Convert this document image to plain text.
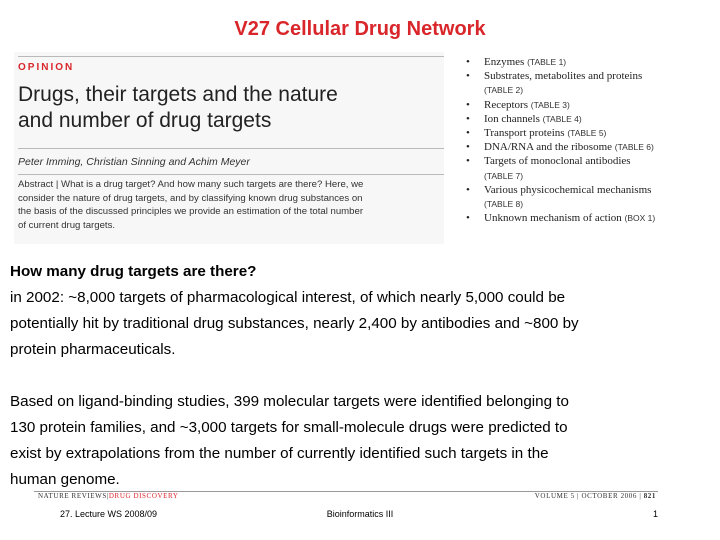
V27 Cellular Drug Network
OPINION
Drugs, their targets and the nature
and number of drug targets
Peter Imming, Christian Sinning and Achim Meyer
Abstract | What is a drug target? And how many such targets are there? Here, we
consider the nature of drug targets, and by classifying known drug substances on
the basis of the discussed principles we provide an estimation of the total number
of current drug targets.
• Enzymes (TABLE 1)
• Substrates, metabolites and proteins
(TABLE 2)
• Receptors (TABLE 3)
• Ion channels (TABLE 4)
• Transport proteins (TABLE 5)
• DNA/RNA and the ribosome (TABLE 6)
• Targets of monoclonal antibodies
(TABLE 7)
• Various physicochemical mechanisms
(TABLE 8)
• Unknown mechanism of action (BOX 1)

How many drug targets are there?

in 2002: ~8,000 targets of pharmacological interest, of which nearly 5,000 could be

potentially hit by traditional drug substances, nearly 2,400 by antibodies and ~800 by

protein pharmaceuticals.

Based on ligand-binding studies, 399 molecular targets were identified belonging to

130 protein families, and ~3,000 targets for small-molecule drugs were predicted to

exist by extrapolations from the number of currently identified such targets in the

human genome.

NATURE REVIEWS|DRUG DISCOVERY	VOLUME 5 | OCTOBER 2006 | 821
27. Lecture WS 2008/09	Bioinformatics III	1
